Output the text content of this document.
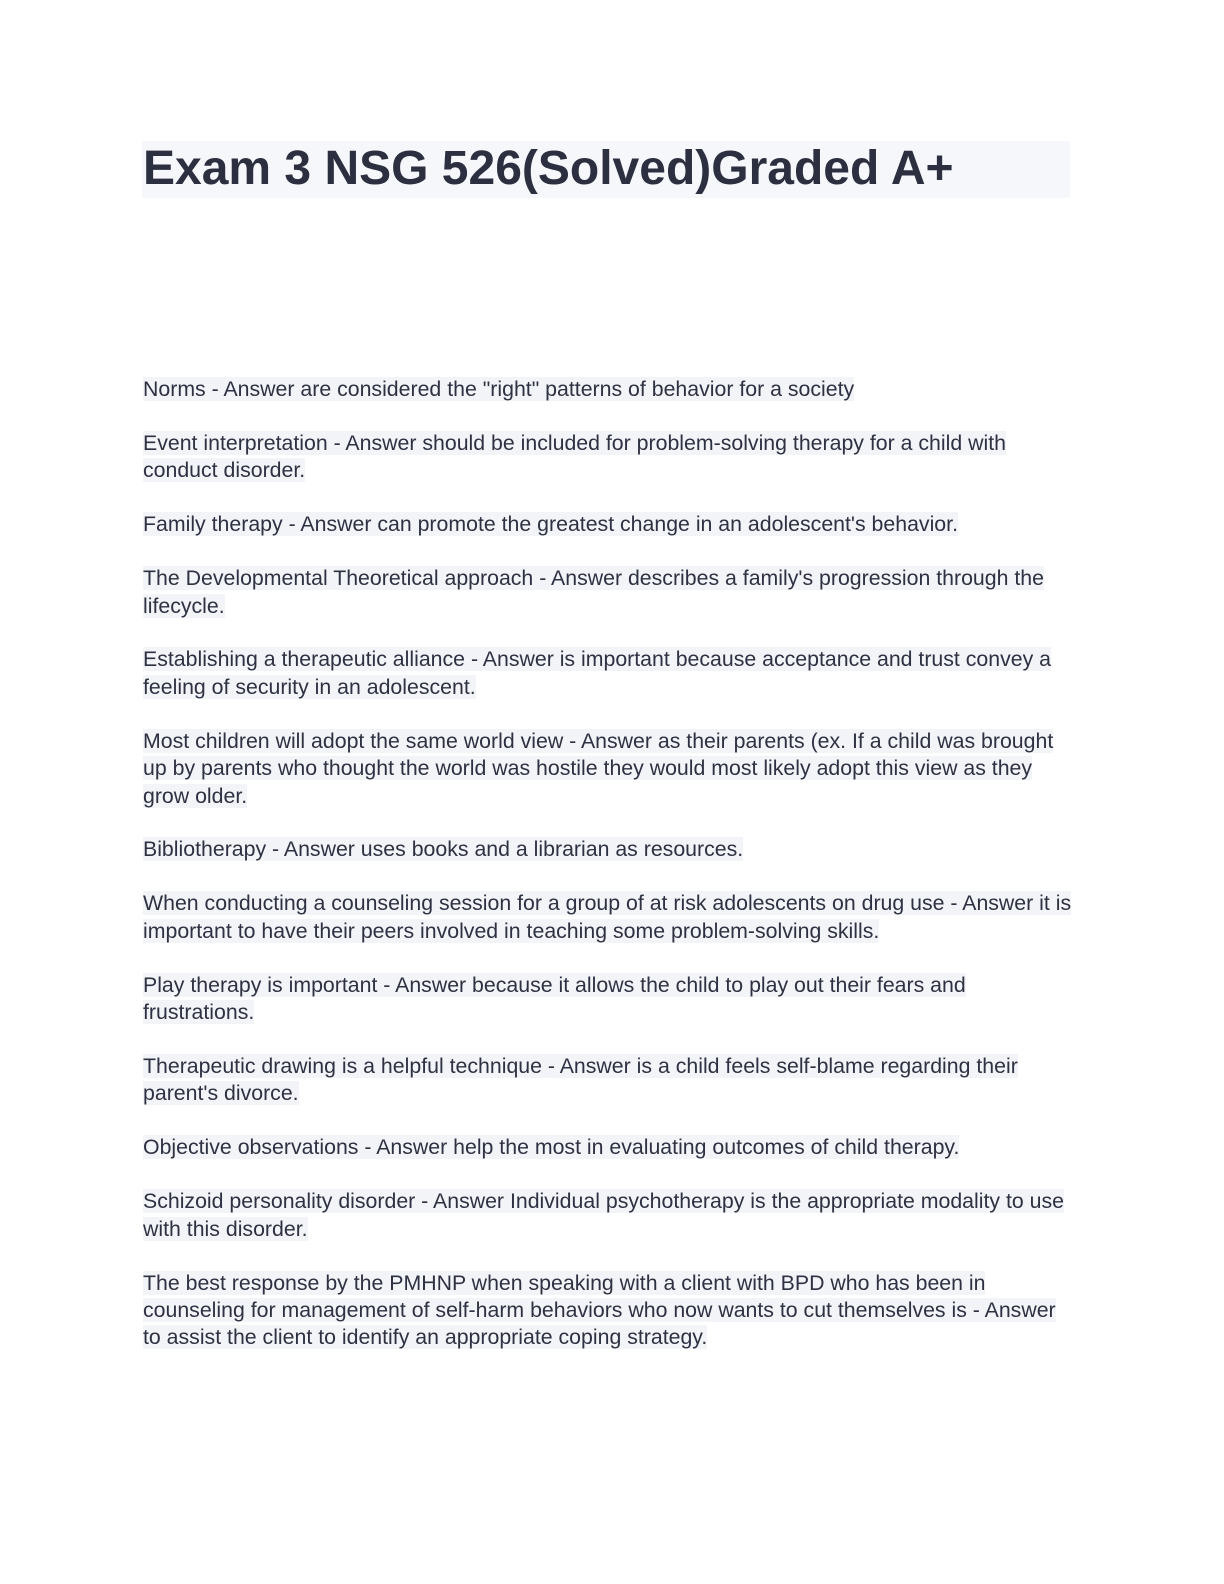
Exam 3 NSG 526(Solved)Graded A+
Norms - Answer are considered the "right" patterns of behavior for a society
Event interpretation - Answer should be included for problem-solving therapy for a child with conduct disorder.
Family therapy - Answer can promote the greatest change in an adolescent's behavior.
The Developmental Theoretical approach - Answer describes a family's progression through the lifecycle.
Establishing a therapeutic alliance - Answer is important because acceptance and trust convey a feeling of security in an adolescent.
Most children will adopt the same world view - Answer as their parents (ex. If a child was brought up by parents who thought the world was hostile they would most likely adopt this view as they grow older.
Bibliotherapy - Answer uses books and a librarian as resources.
When conducting a counseling session for a group of at risk adolescents on drug use - Answer it is important to have their peers involved in teaching some problem-solving skills.
Play therapy is important - Answer because it allows the child to play out their fears and frustrations.
Therapeutic drawing is a helpful technique - Answer is a child feels self-blame regarding their parent's divorce.
Objective observations - Answer help the most in evaluating outcomes of child therapy.
Schizoid personality disorder - Answer Individual psychotherapy is the appropriate modality to use with this disorder.
The best response by the PMHNP when speaking with a client with BPD who has been in counseling for management of self-harm behaviors who now wants to cut themselves is - Answer to assist the client to identify an appropriate coping strategy.
